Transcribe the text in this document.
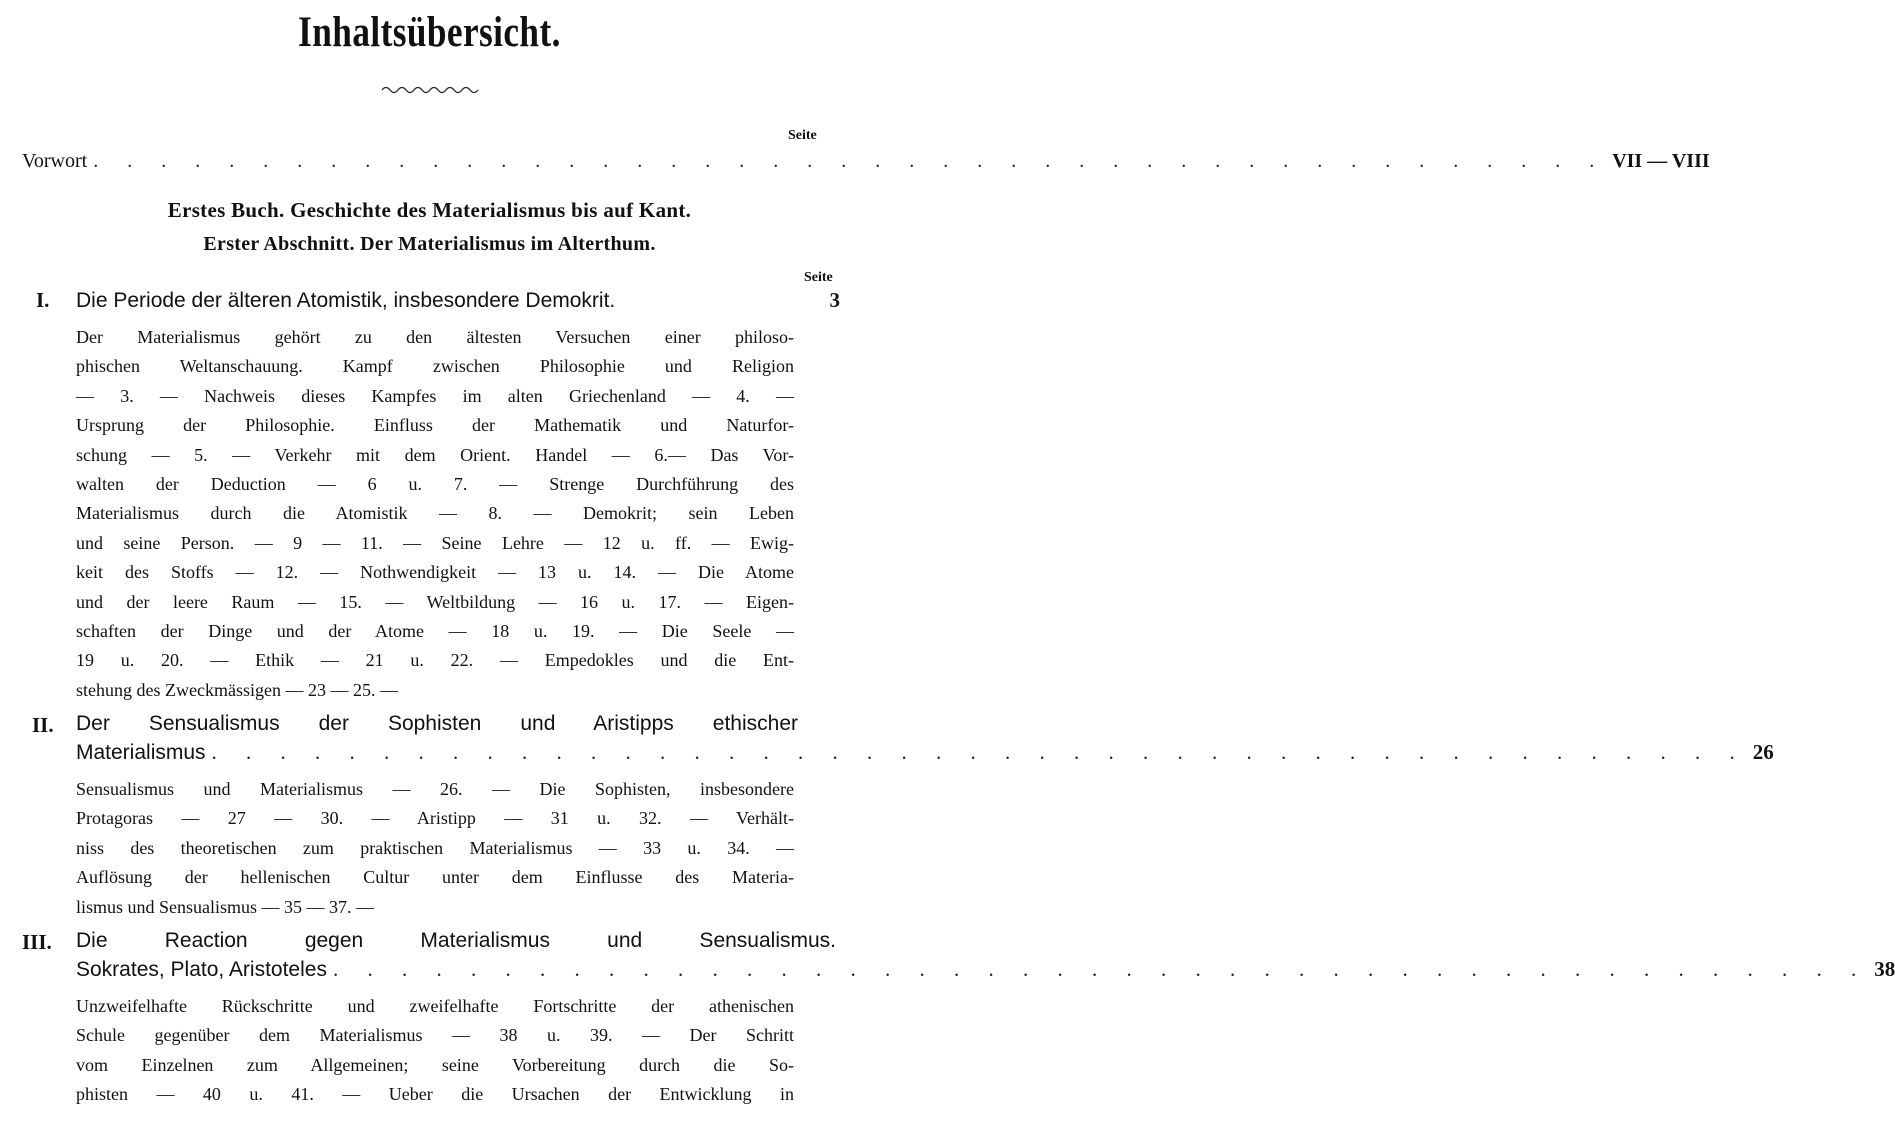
Inhaltsübersicht.
Seite
Vorwort . . . . . . . . . . . . . . . . . . . . . . . . . . . . . . . . . . . . . . . . . . . . . VII — VIII
Erstes Buch. Geschichte des Materialismus bis auf Kant.
Erster Abschnitt. Der Materialismus im Alterthum.
Seite
I. Die Periode der älteren Atomistik, insbesondere Demokrit.	3
Der Materialismus gehört zu den ältesten Versuchen einer philoso-
phischen Weltanschauung. Kampf zwischen Philosophie und Religion
— 3. — Nachweis dieses Kampfes im alten Griechenland — 4. —
Ursprung der Philosophie. Einfluss der Mathematik und Naturfor-
schung — 5. — Verkehr mit dem Orient. Handel — 6.— Das Vor-
walten der Deduction — 6 u. 7. — Strenge Durchführung des
Materialismus durch die Atomistik — 8. — Demokrit; sein Leben
und seine Person. — 9 — 11. — Seine Lehre — 12 u. ff. — Ewig-
keit des Stoffs — 12. — Nothwendigkeit — 13 u. 14. — Die Atome
und der leere Raum — 15. — Weltbildung — 16 u. 17. — Eigen-
schaften der Dinge und der Atome — 18 u. 19. — Die Seele —
19 u. 20. — Ethik — 21 u. 22. — Empedokles und die Ent-
stehung des Zweckmässigen — 23 — 25. —
II. Der Sensualismus der Sophisten und Aristipps ethischer
Materialismus . . . . . . . . . . . . . . . . . . . . . . . . . . . . . . . . . . . . . . . . . . . . . 26
Sensualismus und Materialismus — 26. — Die Sophisten, insbesondere
Protagoras — 27 — 30. — Aristipp — 31 u. 32. — Verhält-
niss des theoretischen zum praktischen Materialismus — 33 u. 34. —
Auflösung der hellenischen Cultur unter dem Einflusse des Materia-
lismus und Sensualismus — 35 — 37. —
III. Die Reaction gegen Materialismus und Sensualismus.
Sokrates, Plato, Aristoteles . . . . . . . . . . . . . . . . . . . . . . . . . . . . . . . . . . . . . . . . . . . . . 38
Unzweifelhafte Rückschritte und zweifelhafte Fortschritte der athenischen
Schule gegenüber dem Materialismus — 38 u. 39. — Der Schritt
vom Einzelnen zum Allgemeinen; seine Vorbereitung durch die So-
phisten — 40 u. 41. — Ueber die Ursachen der Entwicklung in
